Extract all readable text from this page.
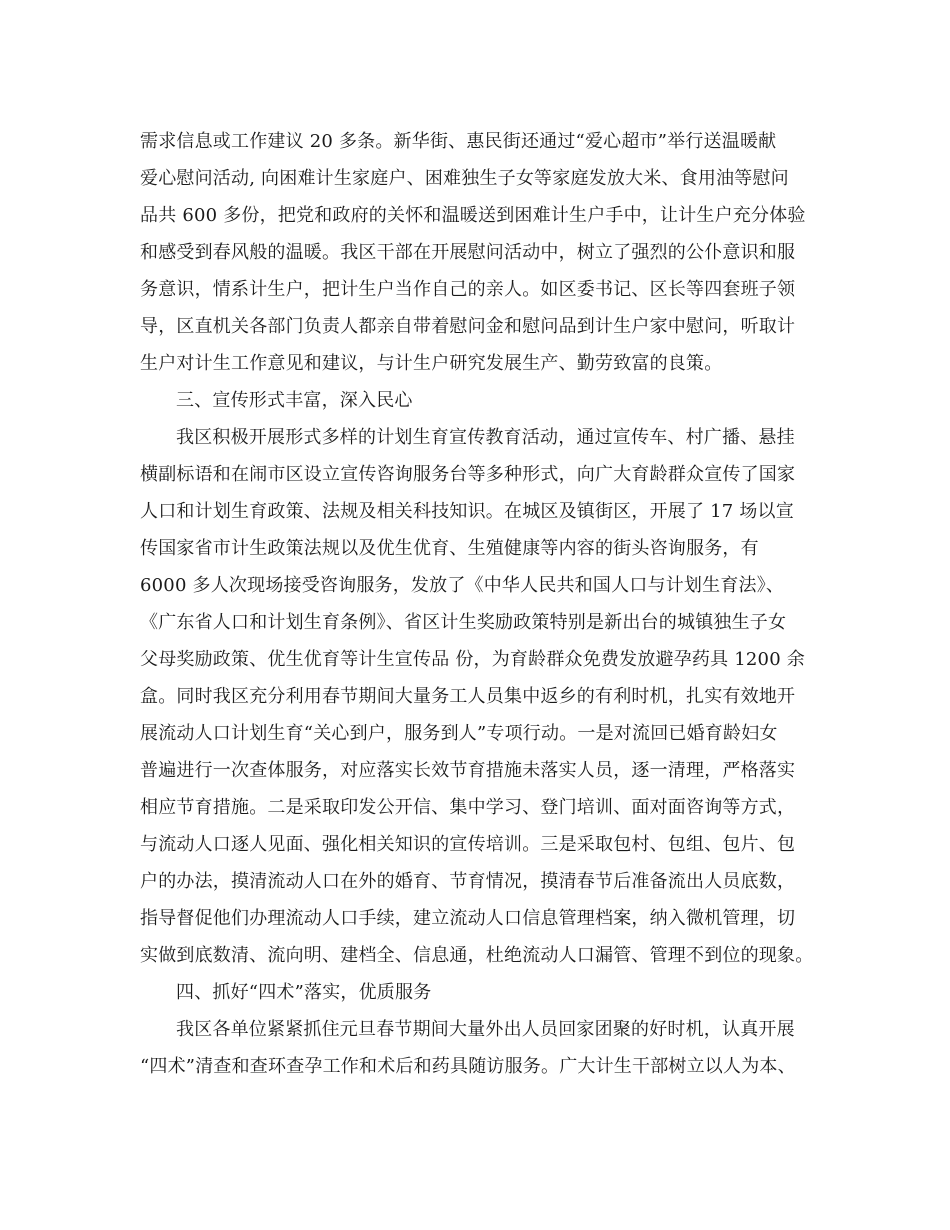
需求信息或工作建议 20 多条。新华街、惠民街还通过“爱心超市”举行送温暖献
爱心慰问活动, 向困难计生家庭户、困难独生子女等家庭发放大米、食用油等慰问
品共 600 多份，把党和政府的关怀和温暖送到困难计生户手中，让计生户充分体验
和感受到春风般的温暖。我区干部在开展慰问活动中，树立了强烈的公仆意识和服
务意识，情系计生户，把计生户当作自己的亲人。如区委书记、区长等四套班子领
导，区直机关各部门负责人都亲自带着慰问金和慰问品到计生户家中慰问，听取计
生户对计生工作意见和建议，与计生户研究发展生产、勤劳致富的良策。
三、宣传形式丰富，深入民心
我区积极开展形式多样的计划生育宣传教育活动，通过宣传车、村广播、悬挂
横副标语和在闹市区设立宣传咨询服务台等多种形式，向广大育龄群众宣传了国家
人口和计划生育政策、法规及相关科技知识。在城区及镇街区，开展了 17 场以宣
传国家省市计生政策法规以及优生优育、生殖健康等内容的街头咨询服务，有
6000 多人次现场接受咨询服务，发放了《中华人民共和国人口与计划生育法》、
《广东省人口和计划生育条例》、省区计生奖励政策特别是新出台的城镇独生子女
父母奖励政策、优生优育等计生宣传品 份，为育龄群众免费发放避孕药具 1200 余
盒。同时我区充分利用春节期间大量务工人员集中返乡的有利时机，扎实有效地开
展流动人口计划生育“关心到户，服务到人”专项行动。一是对流回已婚育龄妇女
普遍进行一次查体服务，对应落实长效节育措施未落实人员，逐一清理，严格落实
相应节育措施。二是采取印发公开信、集中学习、登门培训、面对面咨询等方式，
与流动人口逐人见面、强化相关知识的宣传培训。三是采取包村、包组、包片、包
户的办法，摸清流动人口在外的婚育、节育情况，摸清春节后准备流出人员底数，
指导督促他们办理流动人口手续，建立流动人口信息管理档案，纳入微机管理，切
实做到底数清、流向明、建档全、信息通，杜绝流动人口漏管、管理不到位的现象。
四、抓好“四术”落实，优质服务
我区各单位紧紧抓住元旦春节期间大量外出人员回家团聚的好时机，认真开展
“四术”清查和查环查孕工作和术后和药具随访服务。广大计生干部树立以人为本、
